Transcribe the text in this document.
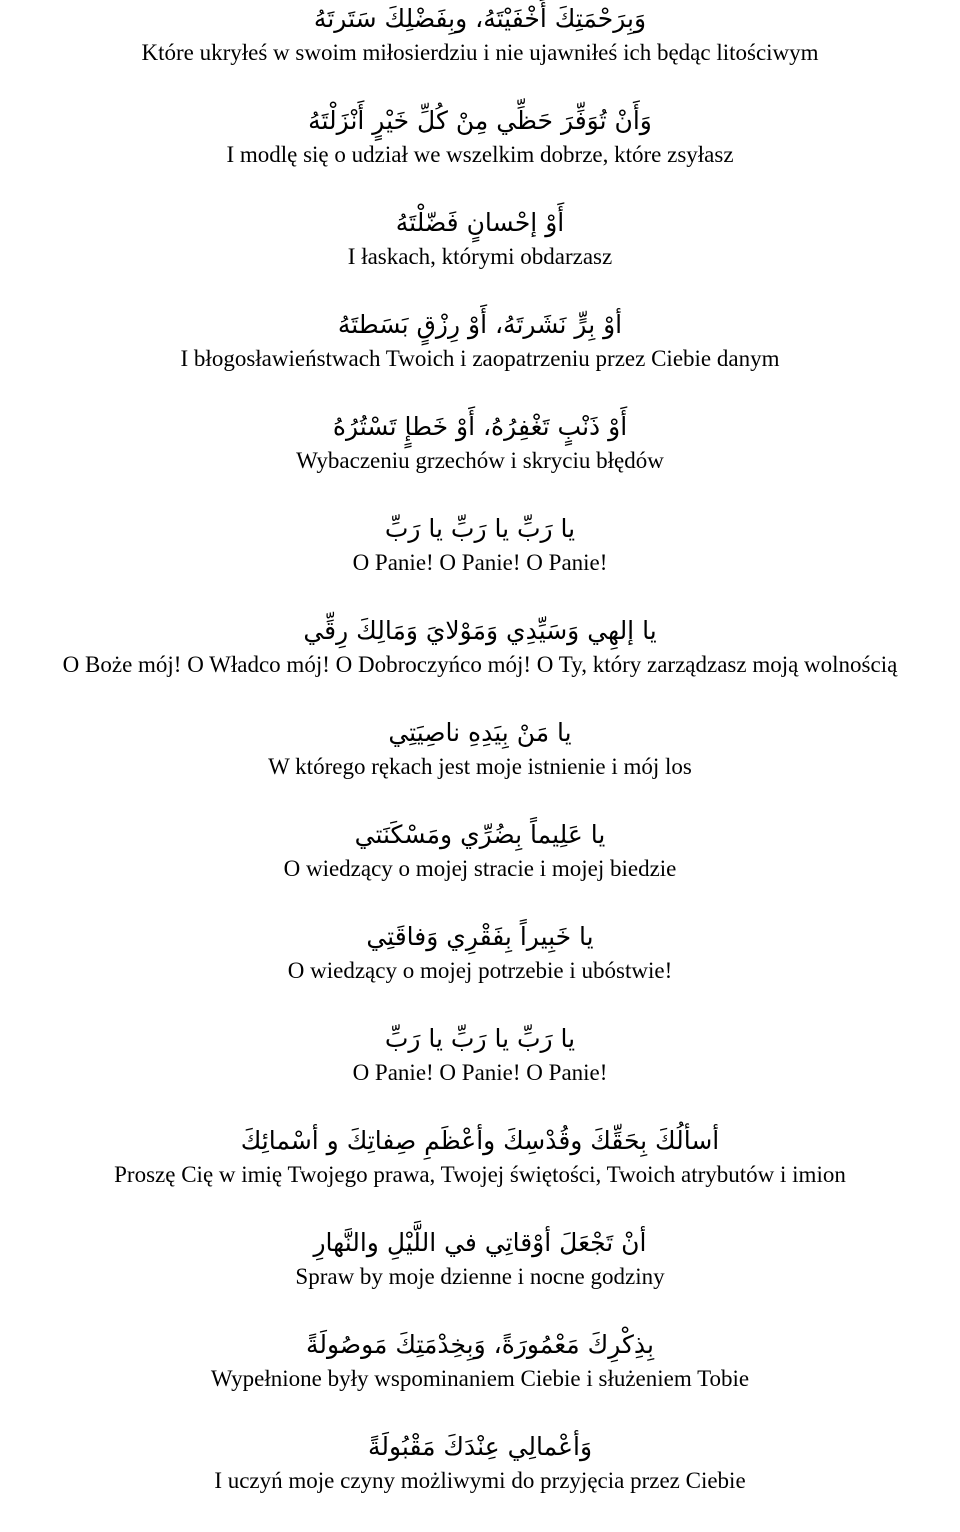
وَبِرَحْمَتِكَ أَخْفَيْتَهُ، وبِفَضْلِكَ سَتَرتَهُ
Które ukryłeś w swoim miłosierdziu i nie ujawniłeś ich będąc litościwym
وَأَنْ تُوَفِّرَ حَظِّي مِنْ كُلِّ خَيْرٍ أَنْزَلْتَهُ
I modlę się o udział we wszelkim dobrze, które zsyłasz
أَوْ إحْسانٍ فَضّلْتَهُ
I łaskach, którymi obdarzasz
أوْ بِرٍّ نَشَرتَهُ، أَوْ رِزْقٍ بَسَطتَهُ
I błogosławieństwach Twoich i zaopatrzeniu przez Ciebie danym
أَوْ ذَنْبٍ تَغْفِرُهُ، أَوْ خَطإٍ تَسْتُرُهُ
Wybaczeniu grzechów i skryciu błędów
يا رَبِّ يا رَبِّ يا رَبِّ
O Panie! O Panie! O Panie!
يا إلهِي وَسَيِّدِي وَمَوْلايَ وَمَالِكَ رِقِّي
O Boże mój! O Władco mój! O Dobroczyńco mój! O Ty, który zarządzasz moją wolnością
يا مَنْ بِيَدِهِ ناصِيَتِي
W którego rękach jest moje istnienie i mój los
يا عَلِيماً بِضُرِّي ومَسْكَنَتي
O wiedzący o mojej stracie i mojej biedzie
يا خَبِيراً بِفَقْرِي وَفاقَتِي
O wiedzący o mojej potrzebie i ubóstwie!
يا رَبِّ يا رَبِّ يا رَبِّ
O Panie! O Panie! O Panie!
أسألُكَ بِحَقِّكَ وقُدْسِكَ وأعْظَمِ صِفاتِكَ و أسْمائِكَ
Proszę Cię w imię Twojego prawa, Twojej świętości, Twoich atrybutów i imion
أنْ تَجْعَلَ أوْقاتِي في اللَّيْلِ والنَّهارِ
Spraw by moje dzienne i nocne godziny
بِذِكْرِكَ مَعْمُورَةً، وَبِخِدْمَتِكَ مَوصُولَةً
Wypełnione były wspominaniem Ciebie i służeniem Tobie
وَأعْمالِي عِنْدَكَ مَقْبُولَةً
I uczyń moje czyny możliwymi do przyjęcia przez Ciebie
